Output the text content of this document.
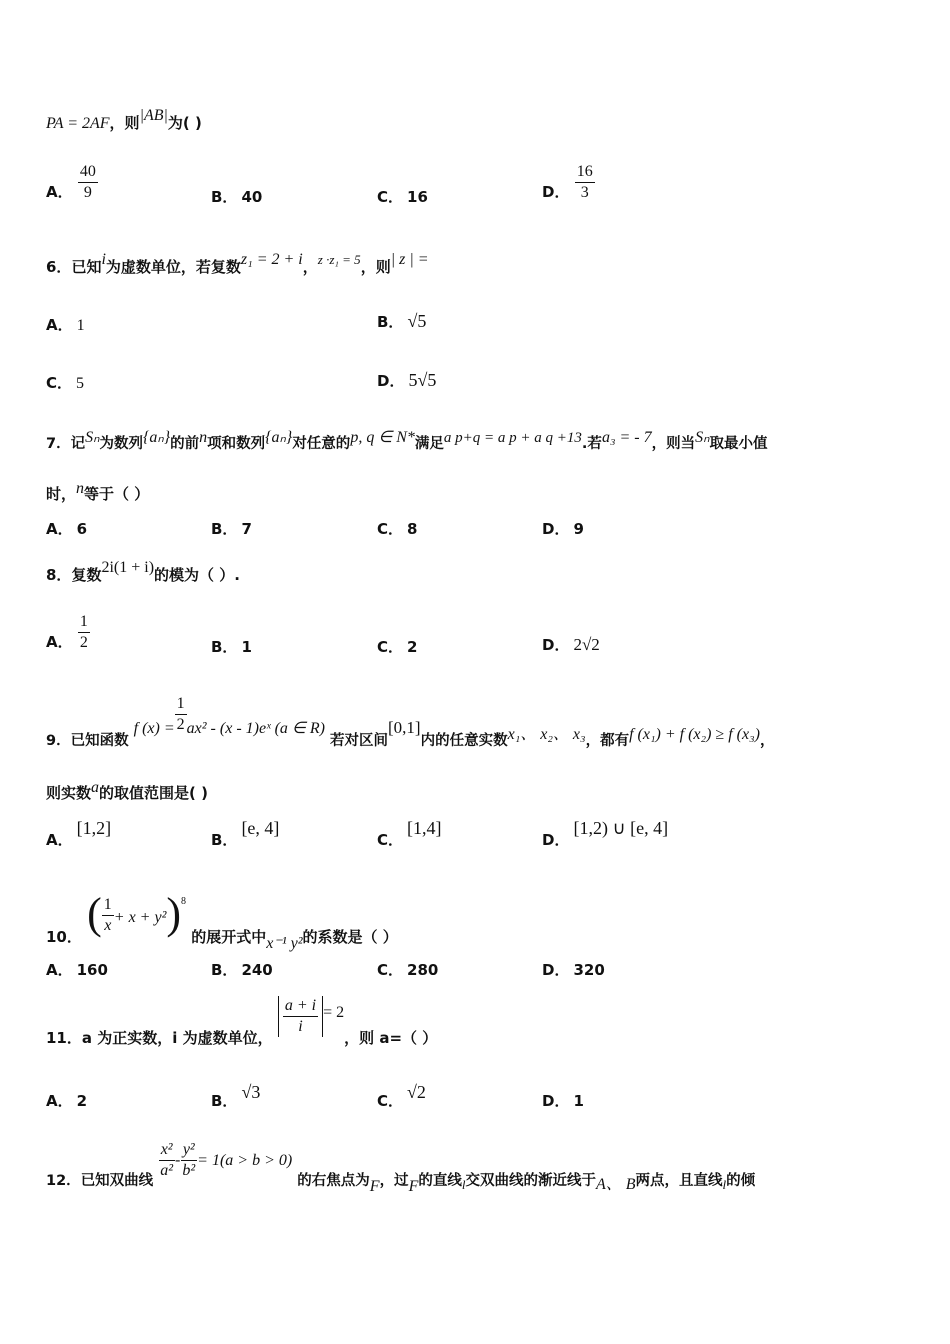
PA = 2AF，则|AB|为( )
A． $\frac{40}{9}$	B． 40	C． 16	D． $\frac{16}{3}$
6．已知i为虚数单位，若复数z₁ = 2 + i，z ·z₁ = 5，则| z | =
A． 1	B． √5
C． 5	D． 5√5
7．记Sₙ为数列{aₙ}的前n项和数列{aₙ}对任意的p, q ∈ N*满足a p+q = a p + a q +13.若a₃ = - 7，则当Sₙ取最小值
时，n等于（ ）
A． 6	B． 7	C． 8	D． 9
8．复数2i(1 + i)的模为（ ）.
A． $\frac{1}{2}$	B． 1	C． 2	D． 2√2
9．已知函数 f $(x) = \frac{1}{2} ax^2 - (x$ - 1)eˣ (a ∈ R) 若对区间[0,1]内的任意实数x₁、 x₂、 x₃，都有f (x₁) + f (x₂) ≥ f (x₃)，
则实数a的取值范围是( )
A．[1,2]
B．[e, 4]
C．[1,4]
D．[1,2) ∪ [e, 4]
10． ( $\frac{1}{x} + x + y^2)^8$ 的展开式中x⁻¹ y²的系数是（ ）
A． 160	B． 240	C． 280	D． 320
11．a 为正实数，i 为虚数单位，
$\frac{a + i}{i} = 2$，则 a=（ ）
A． 2	B． √3	C． √2	D． 1
12．已知双曲线 $\frac{\text{x²}}{\text{a²}} - \frac{\text{y²}}{\text{b²}} = 1(a > b > 0)$ 的右焦点为F，过F的直线l交双曲线的渐近线于A、 B两点，且直线l的倾
